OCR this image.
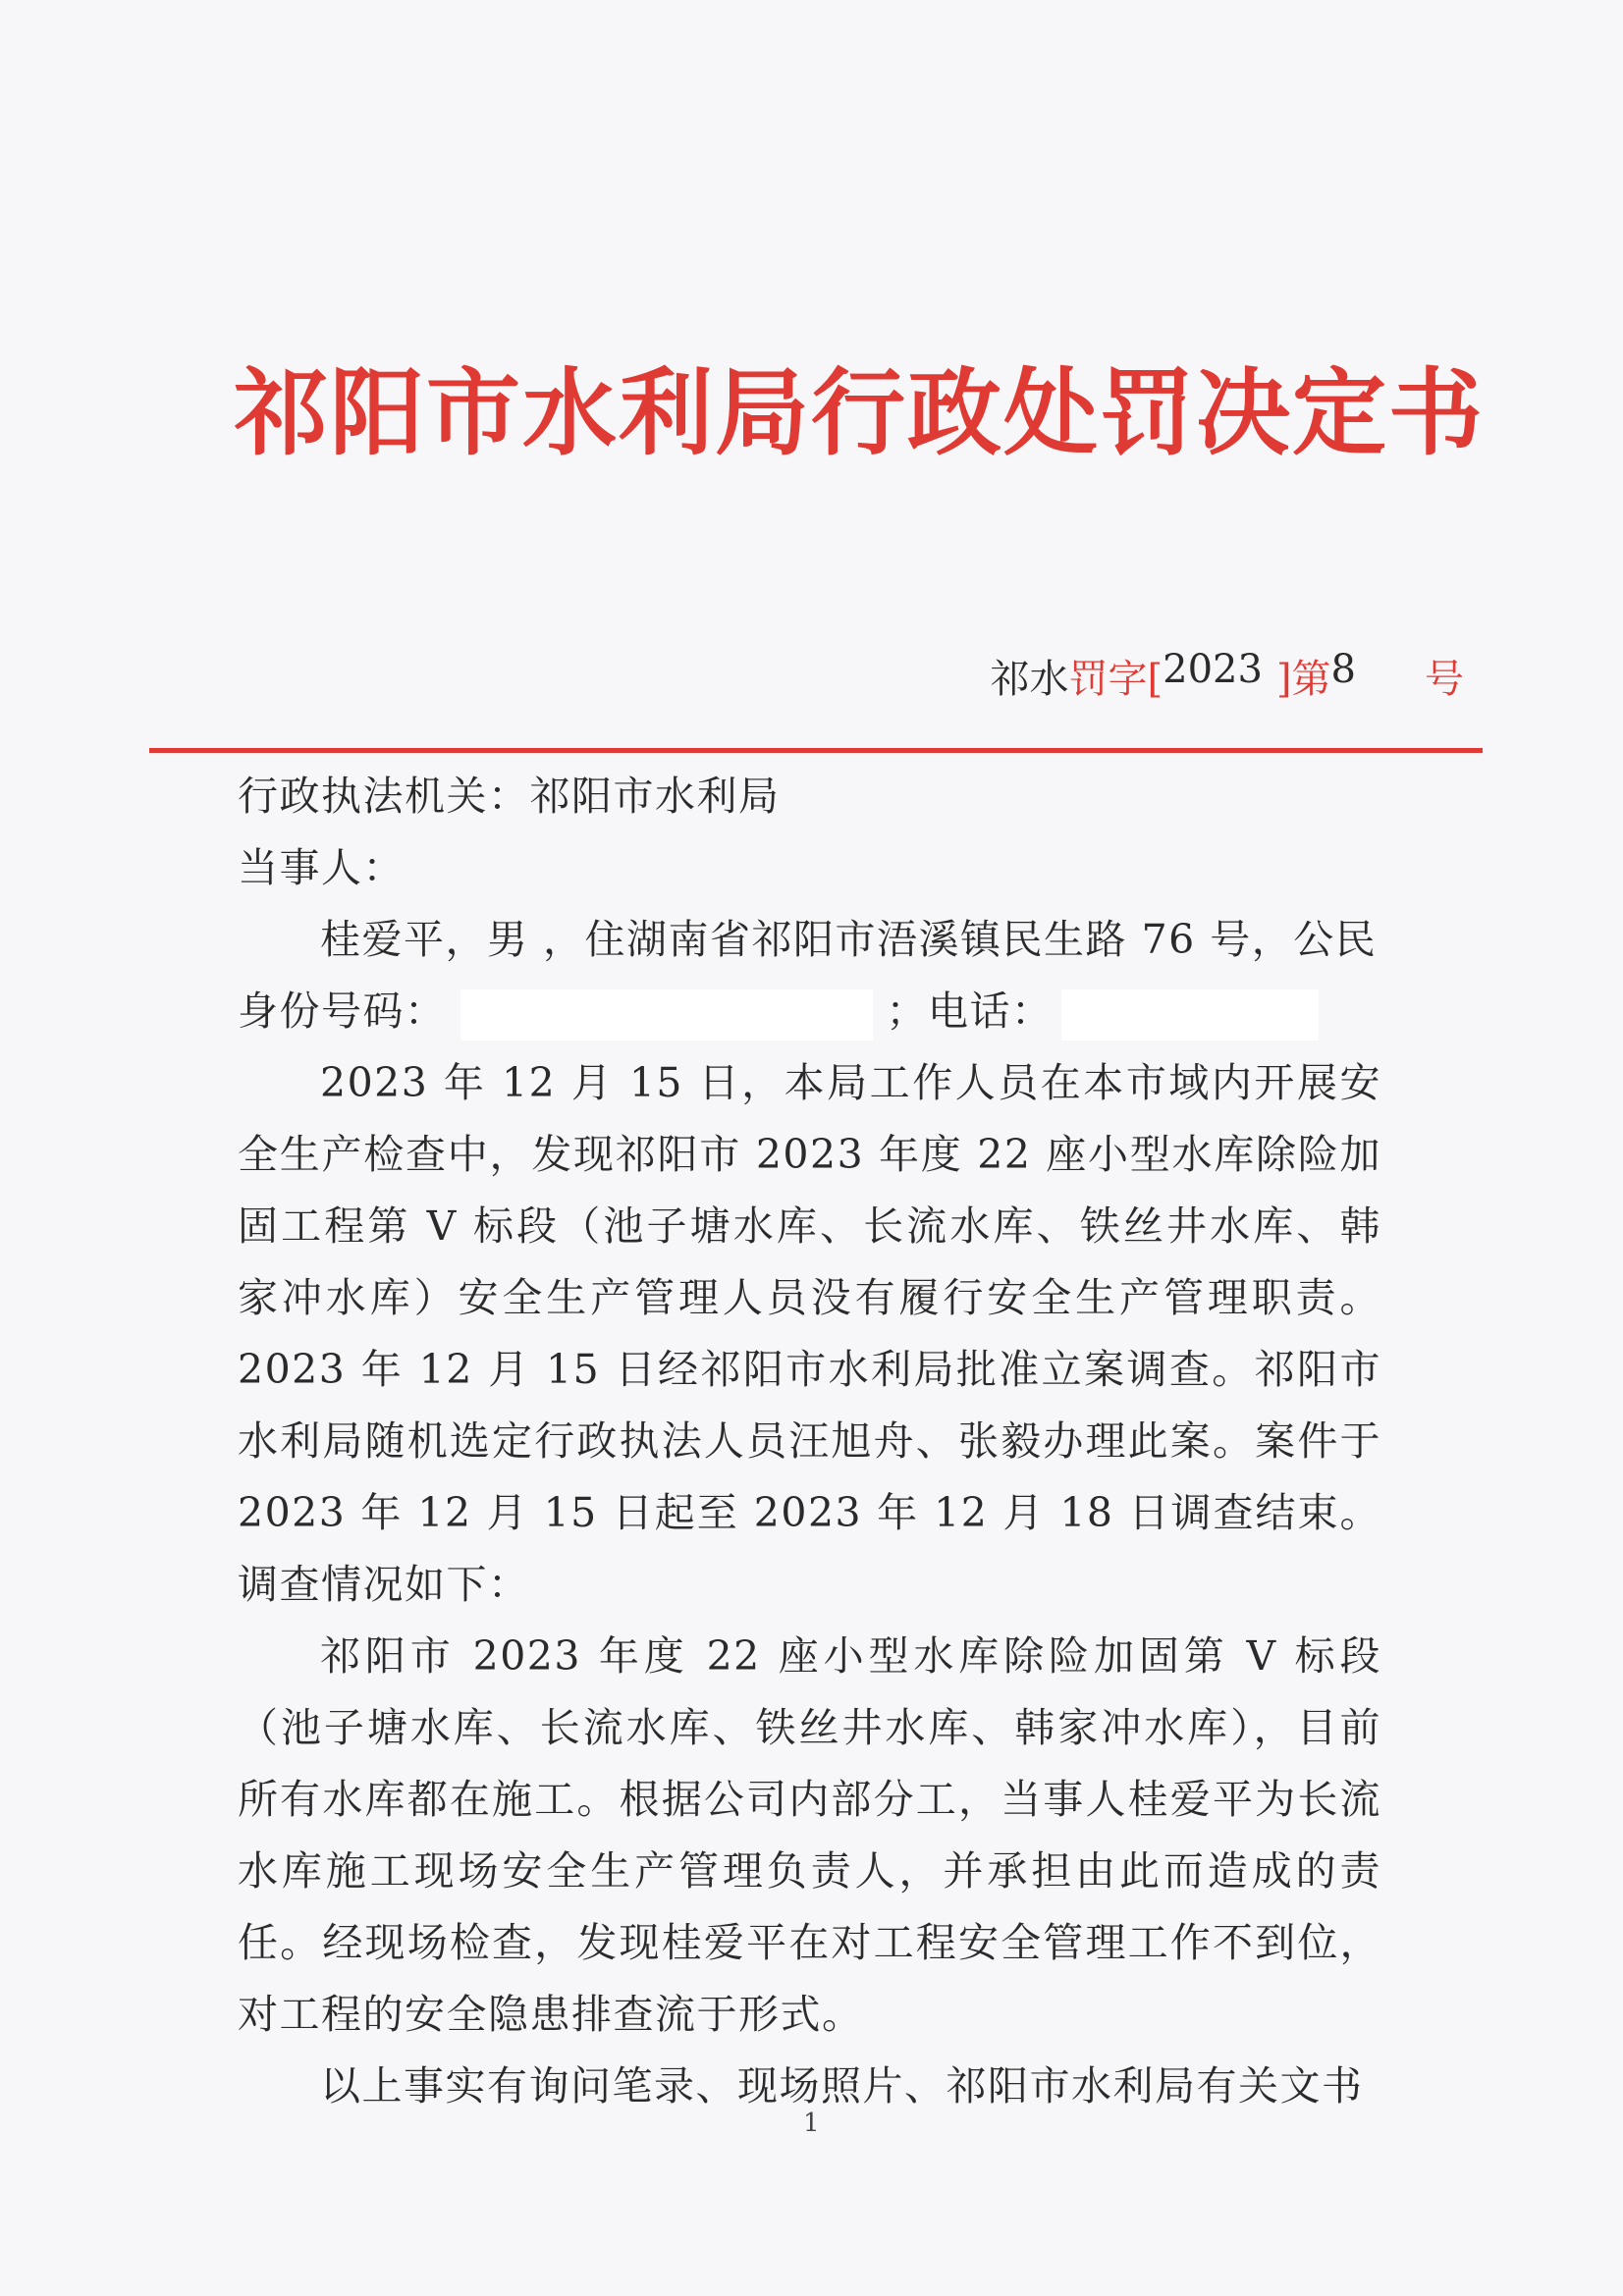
祁阳市水利局行政处罚决定书
祁水罚字[2023 ]第8 号

行政执法机关：祁阳市水利局

当事人：

桂爱平，男 ，住湖南省祁阳市浯溪镇民生路 76 号，公民

身份号码：	；电话：

2023 年 12 月 15 日，本局工作人员在本市域内开展安全生产检查中，发现祁阳市 2023 年度 22 座小型水库除险加固工程第 V 标段（池子塘水库、长流水库、铁丝井水库、韩家冲水库）安全生产管理人员没有履行安全生产管理职责。2023 年 12 月 15 日经祁阳市水利局批准立案调查。祁阳市水利局随机选定行政执法人员汪旭舟、张毅办理此案。案件于 2023 年 12 月 15 日起至 2023 年 12 月 18 日调查结束。调查情况如下：

祁阳市 2023 年度 22 座小型水库除险加固第 V 标段（池子塘水库、长流水库、铁丝井水库、韩家冲水库），目前所有水库都在施工。根据公司内部分工，当事人桂爱平为长流水库施工现场安全生产管理负责人，并承担由此而造成的责任。经现场检查，发现桂爱平在对工程安全管理工作不到位，对工程的安全隐患排查流于形式。

以上事实有询问笔录、现场照片、祁阳市水利局有关文书

1
